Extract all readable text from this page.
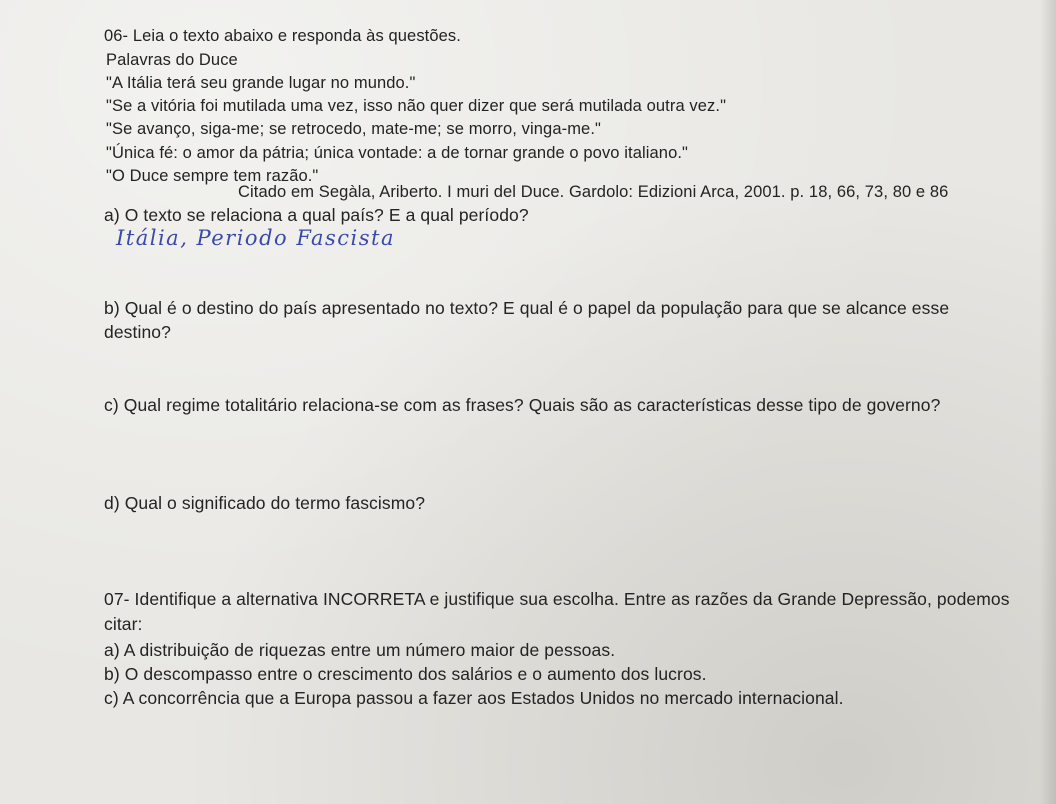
06- Leia o texto abaixo e responda às questões.
Palavras do Duce
"A Itália terá seu grande lugar no mundo."
"Se a vitória foi mutilada uma vez, isso não quer dizer que será mutilada outra vez."
"Se avanço, siga-me; se retrocedo, mate-me; se morro, vinga-me."
"Única fé: o amor da pátria; única vontade: a de tornar grande o povo italiano."
"O Duce sempre tem razão."
Citado em Segàla, Ariberto. I muri del Duce. Gardolo: Edizioni Arca, 2001. p. 18, 66, 73, 80 e 86
a) O texto se relaciona a qual país? E a qual período?
Itália, Periodo Fascista
b) Qual é o destino do país apresentado no texto? E qual é o papel da população para que se alcance esse
destino?
c) Qual regime totalitário relaciona-se com as frases? Quais são as características desse tipo de governo?
d) Qual o significado do termo fascismo?
07- Identifique a alternativa INCORRETA e justifique sua escolha. Entre as razões da Grande Depressão, podemos
citar:
a) A distribuição de riquezas entre um número maior de pessoas.
b) O descompasso entre o crescimento dos salários e o aumento dos lucros.
c) A concorrência que a Europa passou a fazer aos Estados Unidos no mercado internacional.
